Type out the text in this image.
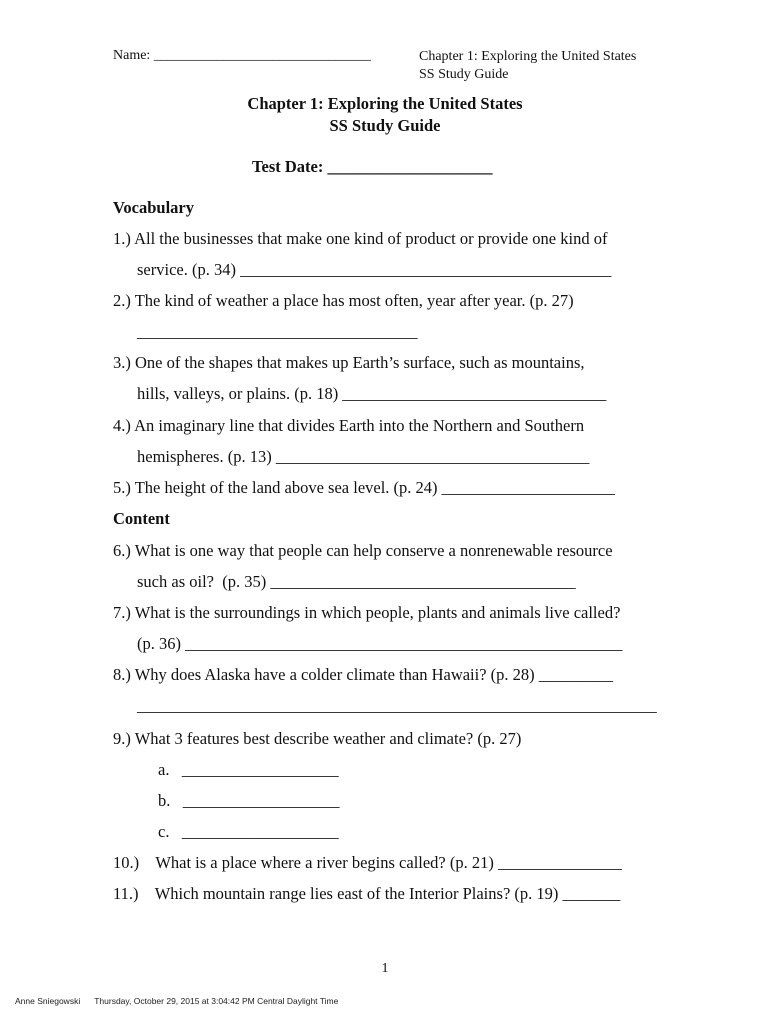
Name: _______________________________	Chapter 1: Exploring the United States
SS Study Guide
Chapter 1: Exploring the United States
SS Study Guide
Test Date: ____________________
Vocabulary
1.) All the businesses that make one kind of product or provide one kind of
service. (p. 34) _____________________________________________
2.) The kind of weather a place has most often, year after year. (p. 27)
__________________________________
3.) One of the shapes that makes up Earth’s surface, such as mountains,
hills, valleys, or plains. (p. 18) ________________________________
4.) An imaginary line that divides Earth into the Northern and Southern
hemispheres. (p. 13) ______________________________________
5.) The height of the land above sea level. (p. 24) _____________________
Content
6.) What is one way that people can help conserve a nonrenewable resource
such as oil?  (p. 35) _____________________________________
7.) What is the surroundings in which people, plants and animals live called?
(p. 36) _____________________________________________________
8.) Why does Alaska have a colder climate than Hawaii? (p. 28) _________
_______________________________________________________________
9.) What 3 features best describe weather and climate? (p. 27)
a.   ___________________
b.   ___________________
c.   ___________________
10.)    What is a place where a river begins called? (p. 21) _______________
11.)    Which mountain range lies east of the Interior Plains? (p. 19) _______
1
Anne Sniegowski      Thursday, October 29, 2015 at 3:04:42 PM Central Daylight Time
